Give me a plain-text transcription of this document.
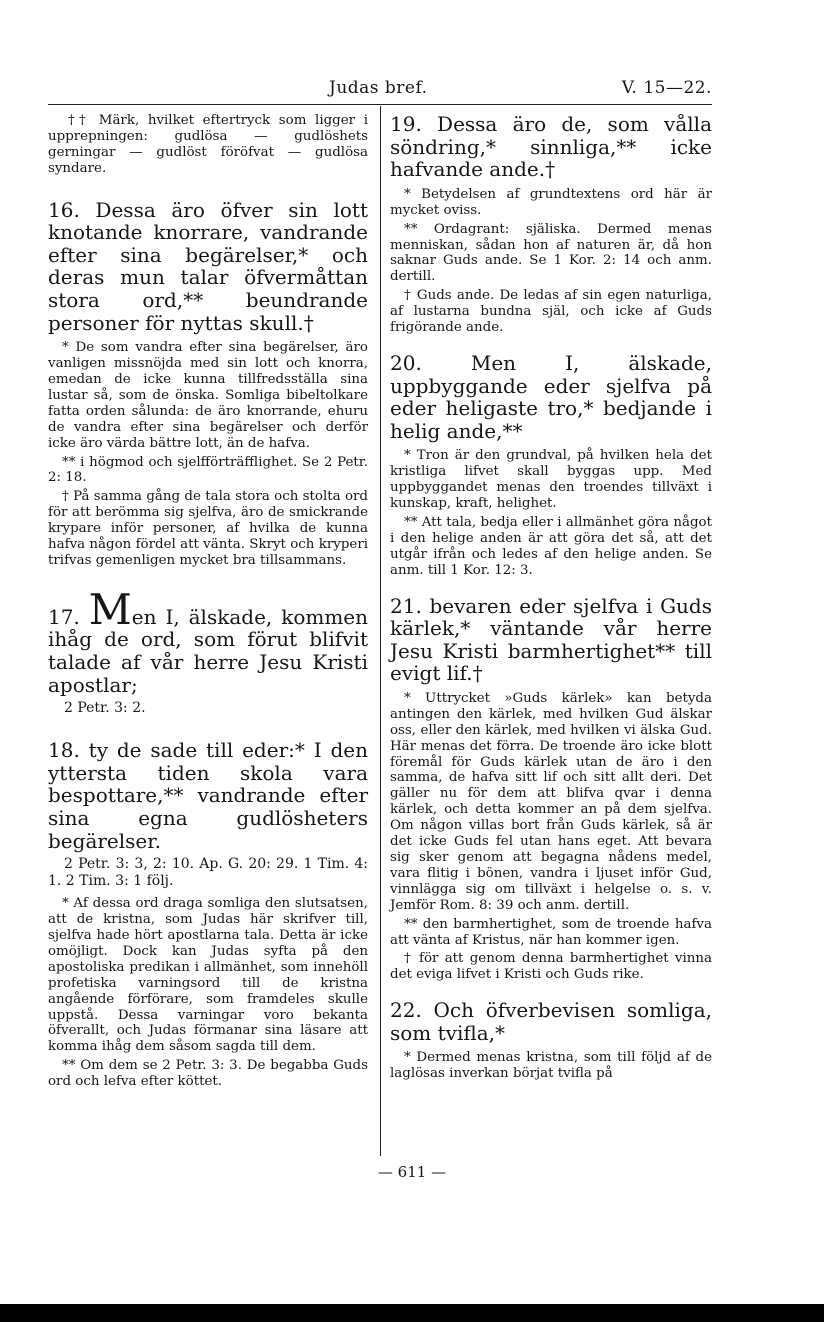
Judas bref.	V. 15—22.

†† Märk, hvilket eftertryck som ligger i upprepningen: gudlösa — gudlöshets gerningar — gudlöst föröfvat — gudlösa syndare.

16. Dessa äro öfver sin lott knotande knorrare, vandrande efter sina begärelser,* och deras mun talar öfvermåttan stora ord,** beundrande personer för nyttas skull.†

* De som vandra efter sina begärelser, äro vanligen missnöjda med sin lott och knorra, emedan de icke kunna tillfredsställa sina lustar så, som de önska. Somliga bibeltolkare fatta orden sålunda: de äro knorrande, ehuru de vandra efter sina begärelser och derför icke äro värda bättre lott, än de hafva.

** i högmod och sjelfförträfflighet. Se 2 Petr. 2: 18.

† På samma gång de tala stora och stolta ord för att berömma sig sjelfva, äro de smickrande krypare inför personer, af hvilka de kunna hafva någon fördel att vänta. Skryt och kryperi trifvas gemenligen mycket bra tillsammans.

17. Men I, älskade, kommen ihåg de ord, som förut blifvit talade af vår herre Jesu Kristi apostlar;

2 Petr. 3: 2.

18. ty de sade till eder:* I den yttersta tiden skola vara bespottare,** vandrande efter sina egna gudlösheters begärelser.

2 Petr. 3: 3, 2: 10. Ap. G. 20: 29. 1 Tim. 4: 1. 2 Tim. 3: 1 följ.

* Af dessa ord draga somliga den slutsatsen, att de kristna, som Judas här skrifver till, sjelfva hade hört apostlarna tala. Detta är icke omöjligt. Dock kan Judas syfta på den apostoliska predikan i allmänhet, som innehöll profetiska varningsord till de kristna angående förförare, som framdeles skulle uppstå. Dessa varningar voro bekanta öfverallt, och Judas förmanar sina läsare att komma ihåg dem såsom sagda till dem.

** Om dem se 2 Petr. 3: 3. De begabba Guds ord och lefva efter köttet.

19. Dessa äro de, som vålla söndring,* sinnliga,** icke hafvande ande.†

* Betydelsen af grundtextens ord här är mycket oviss.

** Ordagrant: själiska. Dermed menas menniskan, sådan hon af naturen är, då hon saknar Guds ande. Se 1 Kor. 2: 14 och anm. dertill.

† Guds ande. De ledas af sin egen naturliga, af lustarna bundna själ, och icke af Guds frigörande ande.

20. Men I, älskade, uppbyggande eder sjelfva på eder heligaste tro,* bedjande i helig ande,**

* Tron är den grundval, på hvilken hela det kristliga lifvet skall byggas upp. Med uppbyggandet menas den troendes tillväxt i kunskap, kraft, helighet.

** Att tala, bedja eller i allmänhet göra något i den helige anden är att göra det så, att det utgår ifrån och ledes af den helige anden. Se anm. till 1 Kor. 12: 3.

21. bevaren eder sjelfva i Guds kärlek,* väntande vår herre Jesu Kristi barmhertighet** till evigt lif.†

* Uttrycket »Guds kärlek» kan betyda antingen den kärlek, med hvilken Gud älskar oss, eller den kärlek, med hvilken vi älska Gud. Här menas det förra. De troende äro icke blott föremål för Guds kärlek utan de äro i den samma, de hafva sitt lif och sitt allt deri. Det gäller nu för dem att blifva qvar i denna kärlek, och detta kommer an på dem sjelfva. Om någon villas bort från Guds kärlek, så är det icke Guds fel utan hans eget. Att bevara sig sker genom att begagna nådens medel, vara flitig i bönen, vandra i ljuset inför Gud, vinnlägga sig om tillväxt i helgelse o. s. v. Jemför Rom. 8: 39 och anm. dertill.

** den barmhertighet, som de troende hafva att vänta af Kristus, när han kommer igen.

† för att genom denna barmhertighet vinna det eviga lifvet i Kristi och Guds rike.

22. Och öfverbevisen somliga, som tvifla,*

* Dermed menas kristna, som till följd af de laglösas inverkan börjat tvifla på

— 611 —
